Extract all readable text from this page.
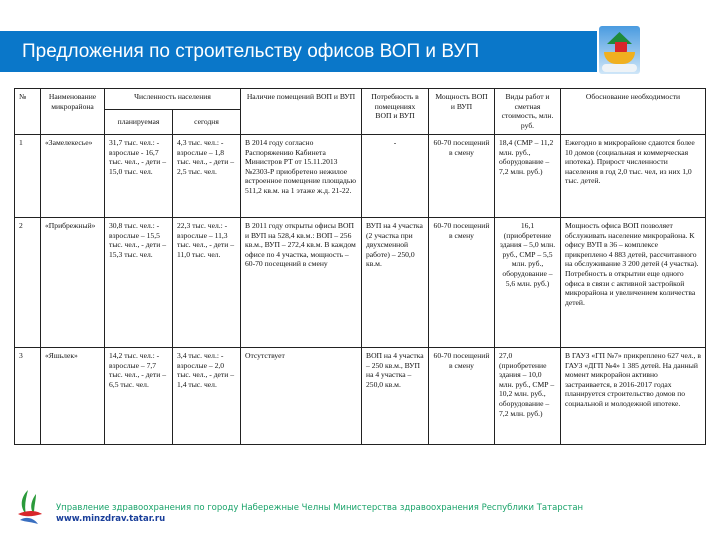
Предложения по строительству офисов ВОП и ВУП
№	Наименование микрорайона	Численность населения		Наличие помещений ВОП и ВУП	Потребность в помещениях ВОП и ВУП	Мощность ВОП и ВУП	Виды работ и сметная стоимость, млн. руб.	Обоснование необходимости
		планируемая	сегодня					
1	«Замелекесье»	31,7 тыс. чел.: - взрослые - 16,7 тыс. чел., - дети – 15,0 тыс. чел.	4,3 тыс. чел.: - взрослые – 1,8 тыс. чел., - дети – 2,5 тыс. чел.	В 2014 году согласно Распоряжению Кабинета Министров РТ от 15.11.2013 №2303-Р приобретено нежилое встроенное помещение площадью 511,2 кв.м. на 1 этаже ж.д. 21-22.	-	60-70 посещений в смену	18,4 (СМР – 11,2 млн. руб., оборудование – 7,2 млн. руб.)	Ежегодно в микрорайоне сдаются более 10 домов (социальная и коммерческая ипотека). Прирост численности населения в год 2,0 тыс. чел, из них 1,0 тыс. детей.
2	«Прибрежный»	30,8 тыс. чел.: - взрослые – 15,5 тыс. чел., - дети – 15,3 тыс. чел.	22,3 тыс. чел.: - взрослые – 11,3 тыс. чел., - дети – 11,0 тыс. чел.	В 2011 году открыты офисы ВОП и ВУП на 528,4 кв.м.: ВОП – 256 кв.м., ВУП – 272,4 кв.м. В каждом офисе по 4 участка, мощность – 60-70 посещений в смену	ВУП на 4 участка (2 участка при двухсменной работе) – 250,0 кв.м.	60-70 посещений в смену	16,1 (приобретение здания – 5,0 млн. руб., СМР – 5,5 млн. руб., оборудование – 5,6 млн. руб.)	Мощность офиса ВОП позволяет обслуживать население микрорайона. К офису ВУП в 36 – комплексе прикреплено 4 883 детей, рассчитанного на обслуживание 3 200 детей (4 участка). Потребность в открытии еще одного офиса в связи с активной застройкой микрорайона и увеличением количества детей.
3	«Яшьлек»	14,2 тыс. чел.: - взрослые – 7,7 тыс. чел., - дети – 6,5 тыс. чел.	3,4 тыс. чел.: - взрослые – 2,0 тыс. чел., - дети – 1,4 тыс. чел.	Отсутствует	ВОП на 4 участка – 250 кв.м., ВУП на 4 участка – 250,0 кв.м.	60-70 посещений в смену	27,0 (приобретение здания – 10,0 млн. руб., СМР – 10,2 млн. руб., оборудование – 7,2 млн. руб.)	В ГАУЗ «ГП №7» прикреплено 627 чел., в ГАУЗ «ДГП №4» 1 385 детей. На данный момент микрорайон активно застраивается, в 2016-2017 годах планируется строительство домов по социальной и молодежной ипотеке.
Управление здравоохранения по городу Набережные Челны Министерства здравоохранения Республики Татарстан
www.minzdrav.tatar.ru
